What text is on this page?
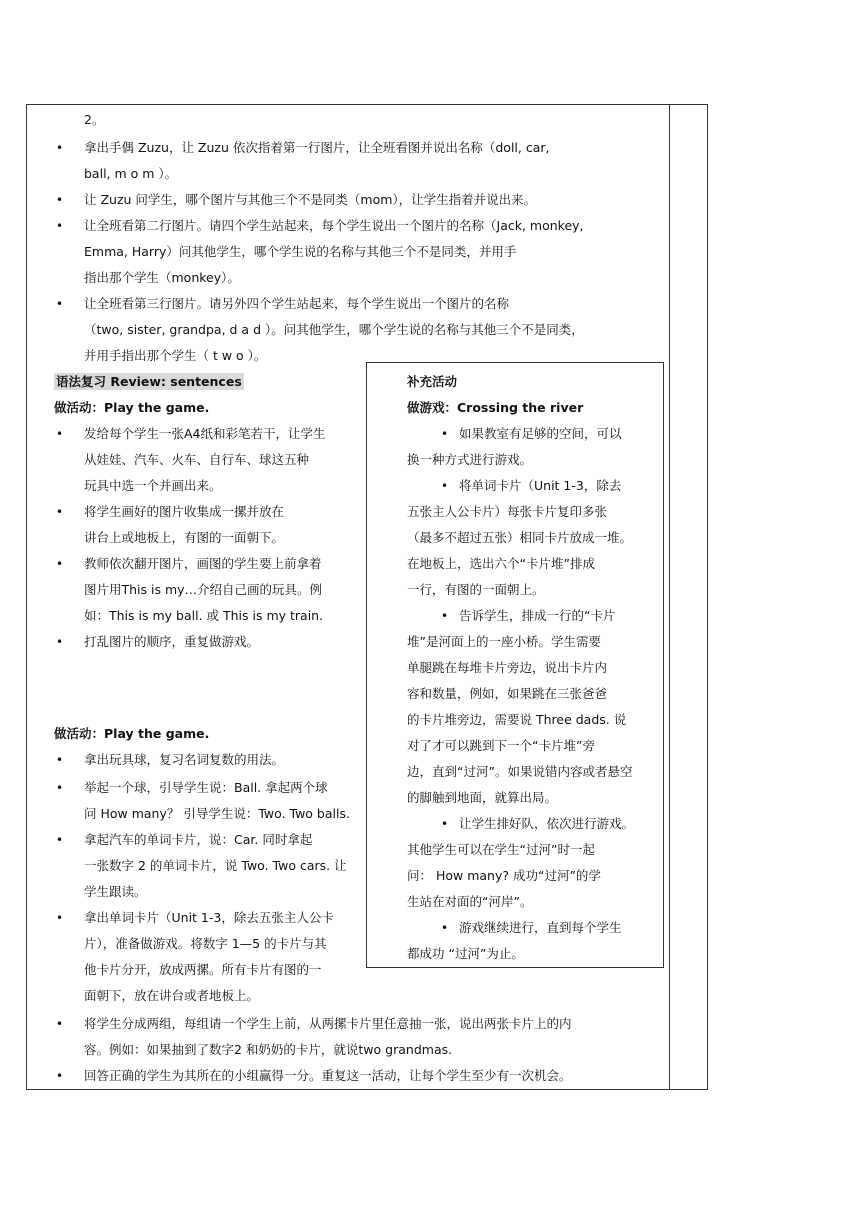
2。
• 拿出手偶 Zuzu，让 Zuzu 依次指着第一行图片，让全班看图并说出名称（doll, car,
ball, m o m ）。
• 让 Zuzu 问学生，哪个图片与其他三个不是同类（mom），让学生指着并说出来。
• 让全班看第二行图片。请四个学生站起来，每个学生说出一个图片的名称（Jack, monkey,
Emma, Harry）问其他学生，哪个学生说的名称与其他三个不是同类，并用手
指出那个学生（monkey）。
• 让全班看第三行图片。请另外四个学生站起来，每个学生说出一个图片的名称
（two, sister, grandpa, d a d ）。问其他学生，哪个学生说的名称与其他三个不是同类，
并用手指出那个学生（ t w o ）。
语法复习 Review: sentences
做活动：Play the game.
• 发给每个学生一张A4纸和彩笔若干，让学生
从娃娃、汽车、火车、自行车、球这五种
玩具中选一个并画出来。
• 将学生画好的图片收集成一摞并放在
讲台上或地板上，有图的一面朝下。
• 教师依次翻开图片，画图的学生要上前拿着
图片用This is my…介绍自己画的玩具。例
如：This is my ball. 或 This is my train.
• 打乱图片的顺序，重复做游戏。
做活动：Play the game.
• 拿出玩具球，复习名词复数的用法。
• 举起一个球，引导学生说：Ball. 拿起两个球
问 How many？ 引导学生说：Two. Two balls.
• 拿起汽车的单词卡片，说：Car. 同时拿起
一张数字 2 的单词卡片，说 Two. Two cars. 让
学生跟读。
• 拿出单词卡片（Unit 1-3，除去五张主人公卡
片），准备做游戏。将数字 1—5 的卡片与其
他卡片分开，放成两摞。所有卡片有图的一
面朝下，放在讲台或者地板上。
• 将学生分成两组，每组请一个学生上前，从两摞卡片里任意抽一张，说出两张卡片上的内
容。例如：如果抽到了数字2 和奶奶的卡片，就说two grandmas.
• 回答正确的学生为其所在的小组赢得一分。重复这一活动，让每个学生至少有一次机会。
补充活动
做游戏：Crossing the river
• 如果教室有足够的空间，可以
换一种方式进行游戏。
• 将单词卡片（Unit 1-3，除去
五张主人公卡片）每张卡片复印多张
（最多不超过五张）相同卡片放成一堆。
在地板上，选出六个“卡片堆”排成
一行，有图的一面朝上。
• 告诉学生，排成一行的“卡片
堆”是河面上的一座小桥。学生需要
单腿跳在每堆卡片旁边，说出卡片内
容和数量，例如，如果跳在三张爸爸
的卡片堆旁边，需要说 Three dads. 说
对了才可以跳到下一个“卡片堆”旁
边，直到“过河”。如果说错内容或者悬空
的脚触到地面，就算出局。
• 让学生排好队，依次进行游戏。
其他学生可以在学生“过河”时一起
问： How many? 成功“过河”的学
生站在对面的“河岸”。
• 游戏继续进行，直到每个学生
都成功 “过河”为止。
